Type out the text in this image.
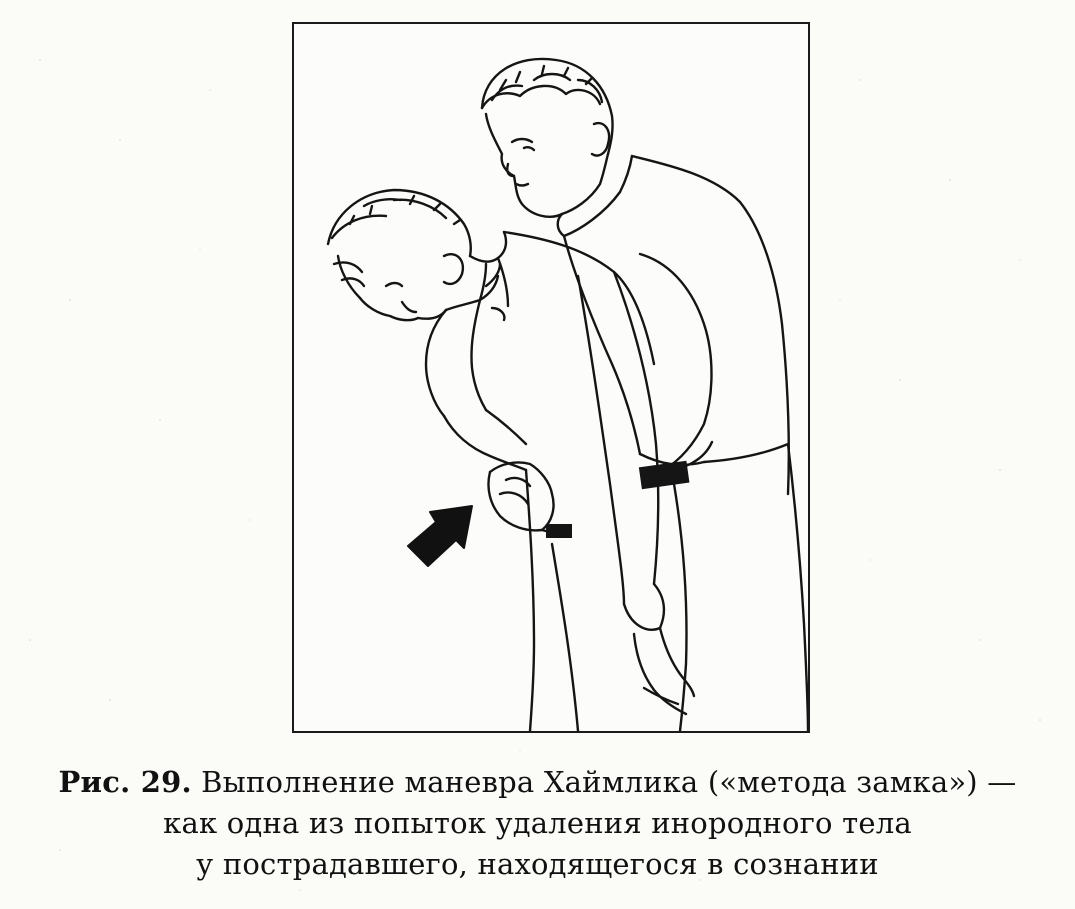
Рис. 29. Выполнение маневра Хаймлика («метода замка») —
как одна из попыток удаления инородного тела
у пострадавшего, находящегося в сознании
